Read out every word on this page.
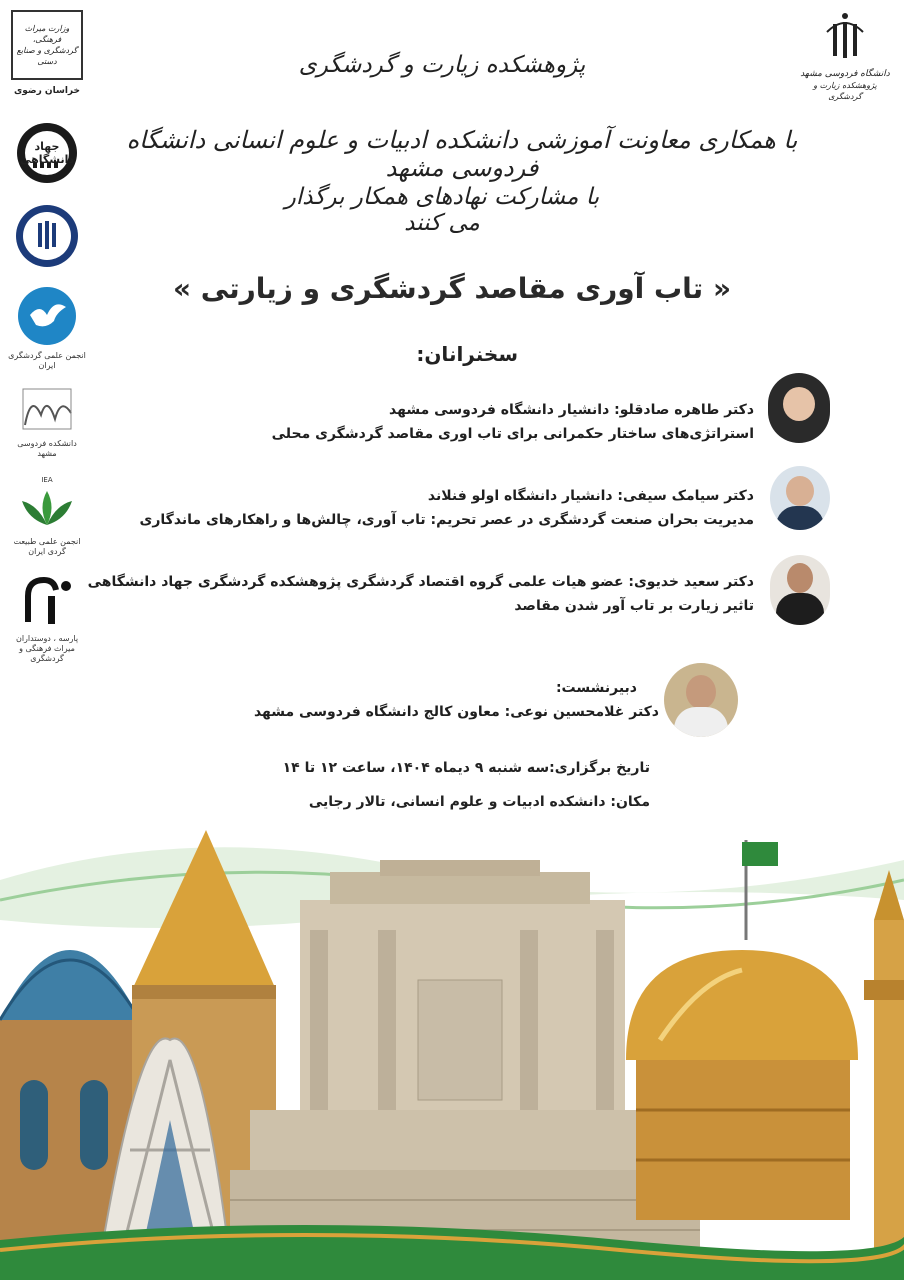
وزارت میراث فرهنگی، گردشگری و صنایع دستی
خراسان رضوی
جهاد دانشگاهی
انجمن علمی گردشگری ایران
دانشکده فردوسی مشهد
IEA
انجمن علمی طبیعت گردی ایران
پارسه ، دوستداران میراث فرهنگی و گردشگری
دانشگاه فردوسی مشهد
پژوهشکده زیارت و گردشگری
پژوهشکده زیارت و گردشگری
با همکاری معاونت آموزشی دانشکده ادبیات و علوم انسانی دانشگاه فردوسی مشهد
با مشارکت نهادهای همکار برگذار می کنند
« تاب آوری مقاصد گردشگری و زیارتی »
سخنرانان:
دکتر طاهره صادقلو: دانشیار دانشگاه فردوسی مشهد
استراتژی‌های ساختار حکمرانی برای تاب اوری مقاصد گردشگری محلی
دکتر سیامک سیفی: دانشیار دانشگاه اولو فنلاند
مدیریت بحران صنعت گردشگری در عصر تحریم: تاب آوری، چالش‌ها و راهکارهای ماندگاری
دکتر سعید خدیوی: عضو هیات علمی گروه اقتصاد گردشگری پژوهشکده گردشگری جهاد دانشگاهی
تاثیر زیارت بر تاب آور شدن مقاصد
دبیرنشست:
دکتر غلامحسین نوعی: معاون کالج دانشگاه فردوسی مشهد
تاریخ برگزاری:سه شنبه ۹ دیماه ۱۴۰۴، ساعت ۱۲ تا ۱۴
مکان: دانشکده ادبیات و علوم انسانی، تالار رجایی
